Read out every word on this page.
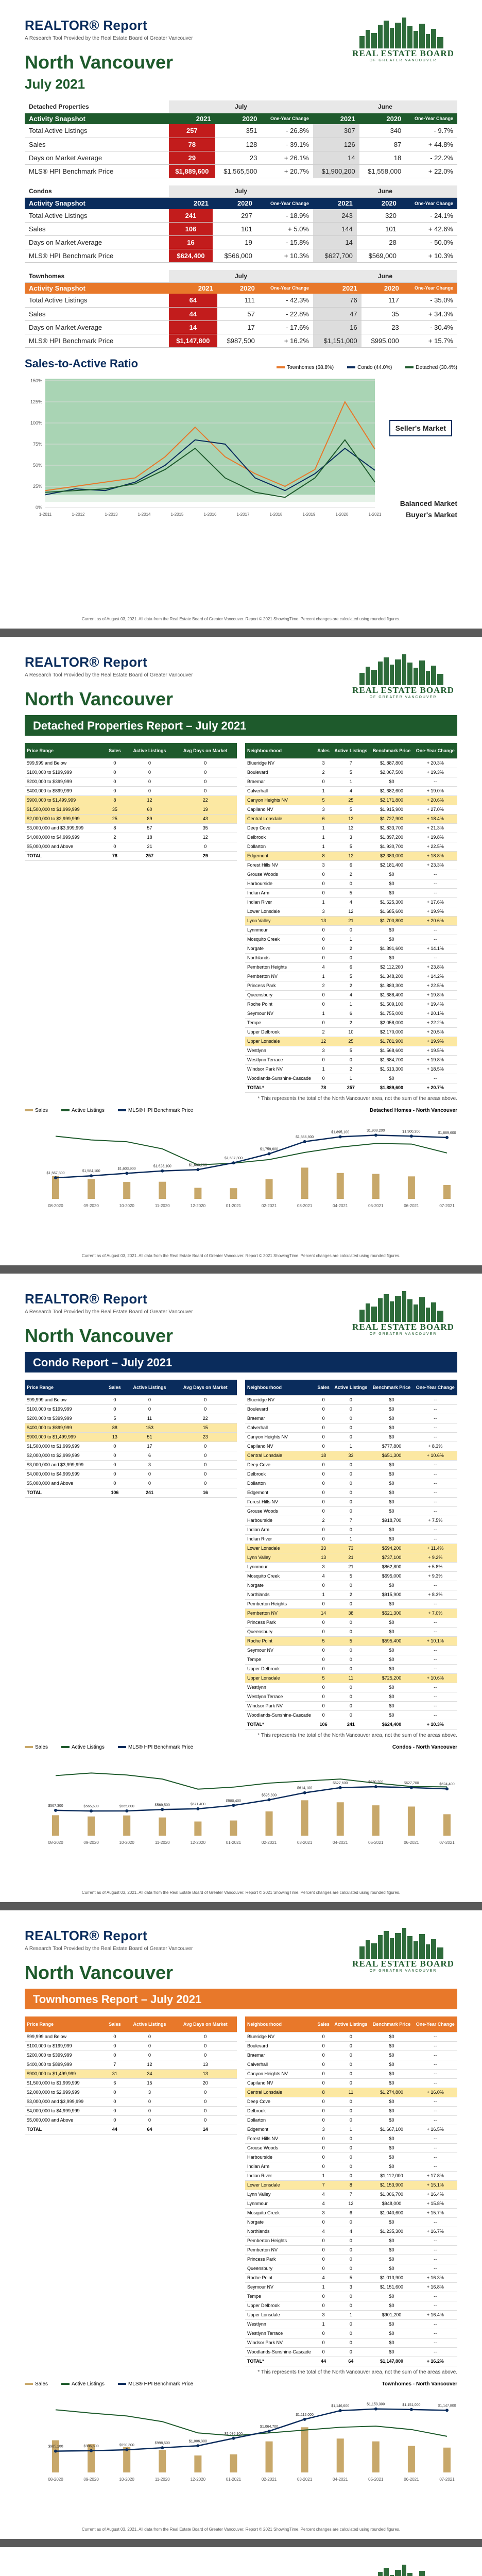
REAL ESTATE BOARD
OF GREATER VANCOUVER
REALTOR® Report
A Research Tool Provided by the Real Estate Board of Greater Vancouver
North Vancouver
July 2021
Detached Properties	July			June		
Activity Snapshot	2021	2020	One-Year Change	2021	2020	One-Year Change
Total Active Listings	257	351	- 26.8%	307	340	- 9.7%
Sales	78	128	- 39.1%	126	87	+ 44.8%
Days on Market Average	29	23	+ 26.1%	14	18	- 22.2%
MLS® HPI Benchmark Price	$1,889,600	$1,565,500	+ 20.7%	$1,900,200	$1,558,000	+ 22.0%
Condos	July			June		
Activity Snapshot	2021	2020	One-Year Change	2021	2020	One-Year Change
Total Active Listings	241	297	- 18.9%	243	320	- 24.1%
Sales	106	101	+ 5.0%	144	101	+ 42.6%
Days on Market Average	16	19	- 15.8%	14	28	- 50.0%
MLS® HPI Benchmark Price	$624,400	$566,000	+ 10.3%	$627,700	$569,000	+ 10.3%
Townhomes	July			June		
Activity Snapshot	2021	2020	One-Year Change	2021	2020	One-Year Change
Total Active Listings	64	111	- 42.3%	76	117	- 35.0%
Sales	44	57	- 22.8%	47	35	+ 34.3%
Days on Market Average	14	17	- 17.6%	16	23	- 30.4%
MLS® HPI Benchmark Price	$1,147,800	$987,500	+ 16.2%	$1,151,000	$995,000	+ 15.7%
Sales-to-Active Ratio	Townhomes (68.8%)	Condo (44.0%)	Detached (30.4%)
0%
25%
50%
75%
100%
125%
150%
1-2011	1-2012	1-2013	1-2014	1-2015	1-2016	1-2017	1-2018	1-2019	1-2020	1-2021
Seller's Market
Balanced Market
Buyer's Market
Current as of August 03, 2021. All data from the Real Estate Board of Greater Vancouver. Report © 2021 ShowingTime. Percent changes are calculated using rounded figures.
REAL ESTATE BOARD
OF GREATER VANCOUVER
REALTOR® Report
A Research Tool Provided by the Real Estate Board of Greater Vancouver
North Vancouver
Detached Properties Report – July 2021
Price Range	Sales	Active Listings	Avg Days on Market
$99,999 and Below	0	0	0
$100,000 to $199,999	0	0	0
$200,000 to $399,999	0	0	0
$400,000 to $899,999	0	0	0
$900,000 to $1,499,999	8	12	22
$1,500,000 to $1,999,999	35	60	19
$2,000,000 to $2,999,999	25	89	43
$3,000,000 and $3,999,999	8	57	35
$4,000,000 to $4,999,999	2	18	12
$5,000,000 and Above	0	21	0
TOTAL	78	257	29
Neighbourhood	Sales	Active Listings	Benchmark Price	One-Year Change
Blueridge NV	3	7	$1,887,800	+ 20.3%
Boulevard	2	5	$2,067,500	+ 19.3%
Braemar	0	1	$0	--
Calverhall	1	4	$1,682,600	+ 19.0%
Canyon Heights NV	5	25	$2,171,800	+ 20.6%
Capilano NV	3	5	$1,915,900	+ 27.0%
Central Lonsdale	6	12	$1,727,900	+ 18.4%
Deep Cove	1	13	$1,833,700	+ 21.3%
Delbrook	1	3	$1,897,200	+ 19.8%
Dollarton	1	5	$1,930,700	+ 22.5%
Edgemont	8	12	$2,383,000	+ 18.8%
Forest Hills NV	3	6	$2,181,400	+ 23.3%
Grouse Woods	0	2	$0	--
Harbourside	0	0	$0	--
Indian Arm	0	5	$0	--
Indian River	1	4	$1,625,300	+ 17.6%
Lower Lonsdale	3	12	$1,685,600	+ 19.9%
Lynn Valley	13	21	$1,700,800	+ 20.6%
Lynnmour	0	0	$0	--
Mosquito Creek	0	1	$0	--
Norgate	0	2	$1,391,600	+ 14.1%
Northlands	0	0	$0	--
Pemberton Heights	4	6	$2,112,200	+ 23.8%
Pemberton NV	1	5	$1,348,200	+ 14.2%
Princess Park	2	2	$1,883,300	+ 22.5%
Queensbury	0	4	$1,688,400	+ 19.8%
Roche Point	0	1	$1,509,100	+ 19.4%
Seymour NV	1	6	$1,755,000	+ 20.1%
Tempe	0	2	$2,058,000	+ 22.2%
Upper Delbrook	2	10	$2,170,000	+ 20.5%
Upper Lonsdale	12	25	$1,781,900	+ 19.9%
Westlynn	3	5	$1,568,600	+ 19.5%
Westlynn Terrace	0	0	$1,684,700	+ 19.8%
Windsor Park NV	1	2	$1,613,300	+ 18.5%
Woodlands-Sunshine-Cascade	0	1	$0	--
TOTAL*	78	257	$1,889,600	+ 20.7%
* This represents the total of the North Vancouver area, not the sum of the areas above.
Sales	Active Listings	MLS® HPI Benchmark Price	Detached Homes - North Vancouver
$1,567,800
$1,584,100
$1,603,900
$1,623,100	$1,633,200
$1,687,300
$1,759,600
$1,856,800
$1,895,100	$1,908,200	$1,900,200	$1,889,600
08-2020	09-2020	10-2020	11-2020	12-2020	01-2021	02-2021	03-2021	04-2021	05-2021	06-2021	07-2021
Current as of August 03, 2021. All data from the Real Estate Board of Greater Vancouver. Report © 2021 ShowingTime. Percent changes are calculated using rounded figures.
REAL ESTATE BOARD
OF GREATER VANCOUVER
REALTOR® Report
A Research Tool Provided by the Real Estate Board of Greater Vancouver
North Vancouver
Condo Report – July 2021
Price Range	Sales	Active Listings	Avg Days on Market
$99,999 and Below	0	0	0
$100,000 to $199,999	0	0	0
$200,000 to $399,999	5	11	22
$400,000 to $899,999	88	153	15
$900,000 to $1,499,999	13	51	23
$1,500,000 to $1,999,999	0	17	0
$2,000,000 to $2,999,999	0	6	0
$3,000,000 and $3,999,999	0	3	0
$4,000,000 to $4,999,999	0	0	0
$5,000,000 and Above	0	0	0
TOTAL	106	241	16
Neighbourhood	Sales	Active Listings	Benchmark Price	One-Year Change
Blueridge NV	0	0	$0	--
Boulevard	0	0	$0	--
Braemar	0	0	$0	--
Calverhall	0	0	$0	--
Canyon Heights NV	0	0	$0	--
Capilano NV	0	1	$777,800	+ 8.3%
Central Lonsdale	18	33	$651,300	+ 10.6%
Deep Cove	0	0	$0	--
Delbrook	0	0	$0	--
Dollarton	0	0	$0	--
Edgemont	0	0	$0	--
Forest Hills NV	0	0	$0	--
Grouse Woods	0	0	$0	--
Harbourside	2	7	$918,700	+ 7.5%
Indian Arm	0	0	$0	--
Indian River	0	1	$0	--
Lower Lonsdale	33	73	$594,200	+ 11.4%
Lynn Valley	13	21	$737,100	+ 9.2%
Lynnmour	3	21	$862,800	+ 5.8%
Mosquito Creek	4	5	$695,000	+ 9.3%
Norgate	0	0	$0	--
Northlands	1	2	$915,900	+ 8.3%
Pemberton Heights	0	0	$0	--
Pemberton NV	14	38	$521,300	+ 7.0%
Princess Park	0	0	$0	--
Queensbury	0	0	$0	--
Roche Point	5	5	$595,400	+ 10.1%
Seymour NV	0	0	$0	--
Tempe	0	0	$0	--
Upper Delbrook	0	0	$0	--
Upper Lonsdale	5	11	$725,200	+ 10.6%
Westlynn	0	0	$0	--
Westlynn Terrace	0	0	$0	--
Windsor Park NV	0	0	$0	--
Woodlands-Sunshine-Cascade	0	0	$0	--
TOTAL*	106	241	$624,400	+ 10.3%
* This represents the total of the North Vancouver area, not the sum of the areas above.
Sales	Active Listings	MLS® HPI Benchmark Price	Condos - North Vancouver
$567,300	$565,600	$565,800	$569,500	$571,400
$580,400
$595,300
$614,100
$627,600	$630,200	$627,700	$624,400
08-2020	09-2020	10-2020	11-2020	12-2020	01-2021	02-2021	03-2021	04-2021	05-2021	06-2021	07-2021
Current as of August 03, 2021. All data from the Real Estate Board of Greater Vancouver. Report © 2021 ShowingTime. Percent changes are calculated using rounded figures.
REAL ESTATE BOARD
OF GREATER VANCOUVER
REALTOR® Report
A Research Tool Provided by the Real Estate Board of Greater Vancouver
North Vancouver
Townhomes Report – July 2021
Price Range	Sales	Active Listings	Avg Days on Market
$99,999 and Below	0	0	0
$100,000 to $199,999	0	0	0
$200,000 to $399,999	0	0	0
$400,000 to $899,999	7	12	13
$900,000 to $1,499,999	31	34	13
$1,500,000 to $1,999,999	6	15	20
$2,000,000 to $2,999,999	0	3	0
$3,000,000 and $3,999,999	0	0	0
$4,000,000 to $4,999,999	0	0	0
$5,000,000 and Above	0	0	0
TOTAL	44	64	14
Neighbourhood	Sales	Active Listings	Benchmark Price	One-Year Change
Blueridge NV	0	0	$0	--
Boulevard	0	0	$0	--
Braemar	0	0	$0	--
Calverhall	0	0	$0	--
Canyon Heights NV	0	0	$0	--
Capilano NV	0	0	$0	--
Central Lonsdale	8	11	$1,274,800	+ 16.0%
Deep Cove	0	0	$0	--
Delbrook	0	0	$0	--
Dollarton	0	0	$0	--
Edgemont	3	1	$1,667,100	+ 16.5%
Forest Hills NV	0	0	$0	--
Grouse Woods	0	0	$0	--
Harbourside	0	0	$0	--
Indian Arm	0	0	$0	--
Indian River	1	0	$1,112,000	+ 17.8%
Lower Lonsdale	7	8	$1,153,900	+ 15.1%
Lynn Valley	4	7	$1,006,700	+ 16.4%
Lynnmour	4	12	$948,000	+ 15.8%
Mosquito Creek	3	6	$1,040,600	+ 15.7%
Norgate	0	0	$0	--
Northlands	4	4	$1,235,300	+ 16.7%
Pemberton Heights	0	0	$0	--
Pemberton NV	0	0	$0	--
Princess Park	0	0	$0	--
Queensbury	0	0	$0	--
Roche Point	4	5	$1,013,900	+ 16.3%
Seymour NV	1	3	$1,151,600	+ 16.8%
Tempe	0	0	$0	--
Upper Delbrook	0	0	$0	--
Upper Lonsdale	3	1	$901,200	+ 16.4%
Westlynn	1	0	$0	--
Westlynn Terrace	0	0	$0	--
Windsor Park NV	0	0	$0	--
Woodlands-Sunshine-Cascade	0	0	$0	--
TOTAL*	44	64	$1,147,800	+ 16.2%
* This represents the total of the North Vancouver area, not the sum of the areas above.
Sales	Active Listings	MLS® HPI Benchmark Price	Townhomes - North Vancouver
$985,100	$986,600	$990,300
$998,500
$1,006,300
$1,036,100
$1,064,700
$1,112,000
$1,146,600	$1,153,300	$1,151,000	$1,147,800
08-2020	09-2020	10-2020	11-2020	12-2020	01-2021	02-2021	03-2021	04-2021	05-2021	06-2021	07-2021
Current as of August 03, 2021. All data from the Real Estate Board of Greater Vancouver. Report © 2021 ShowingTime. Percent changes are calculated using rounded figures.
